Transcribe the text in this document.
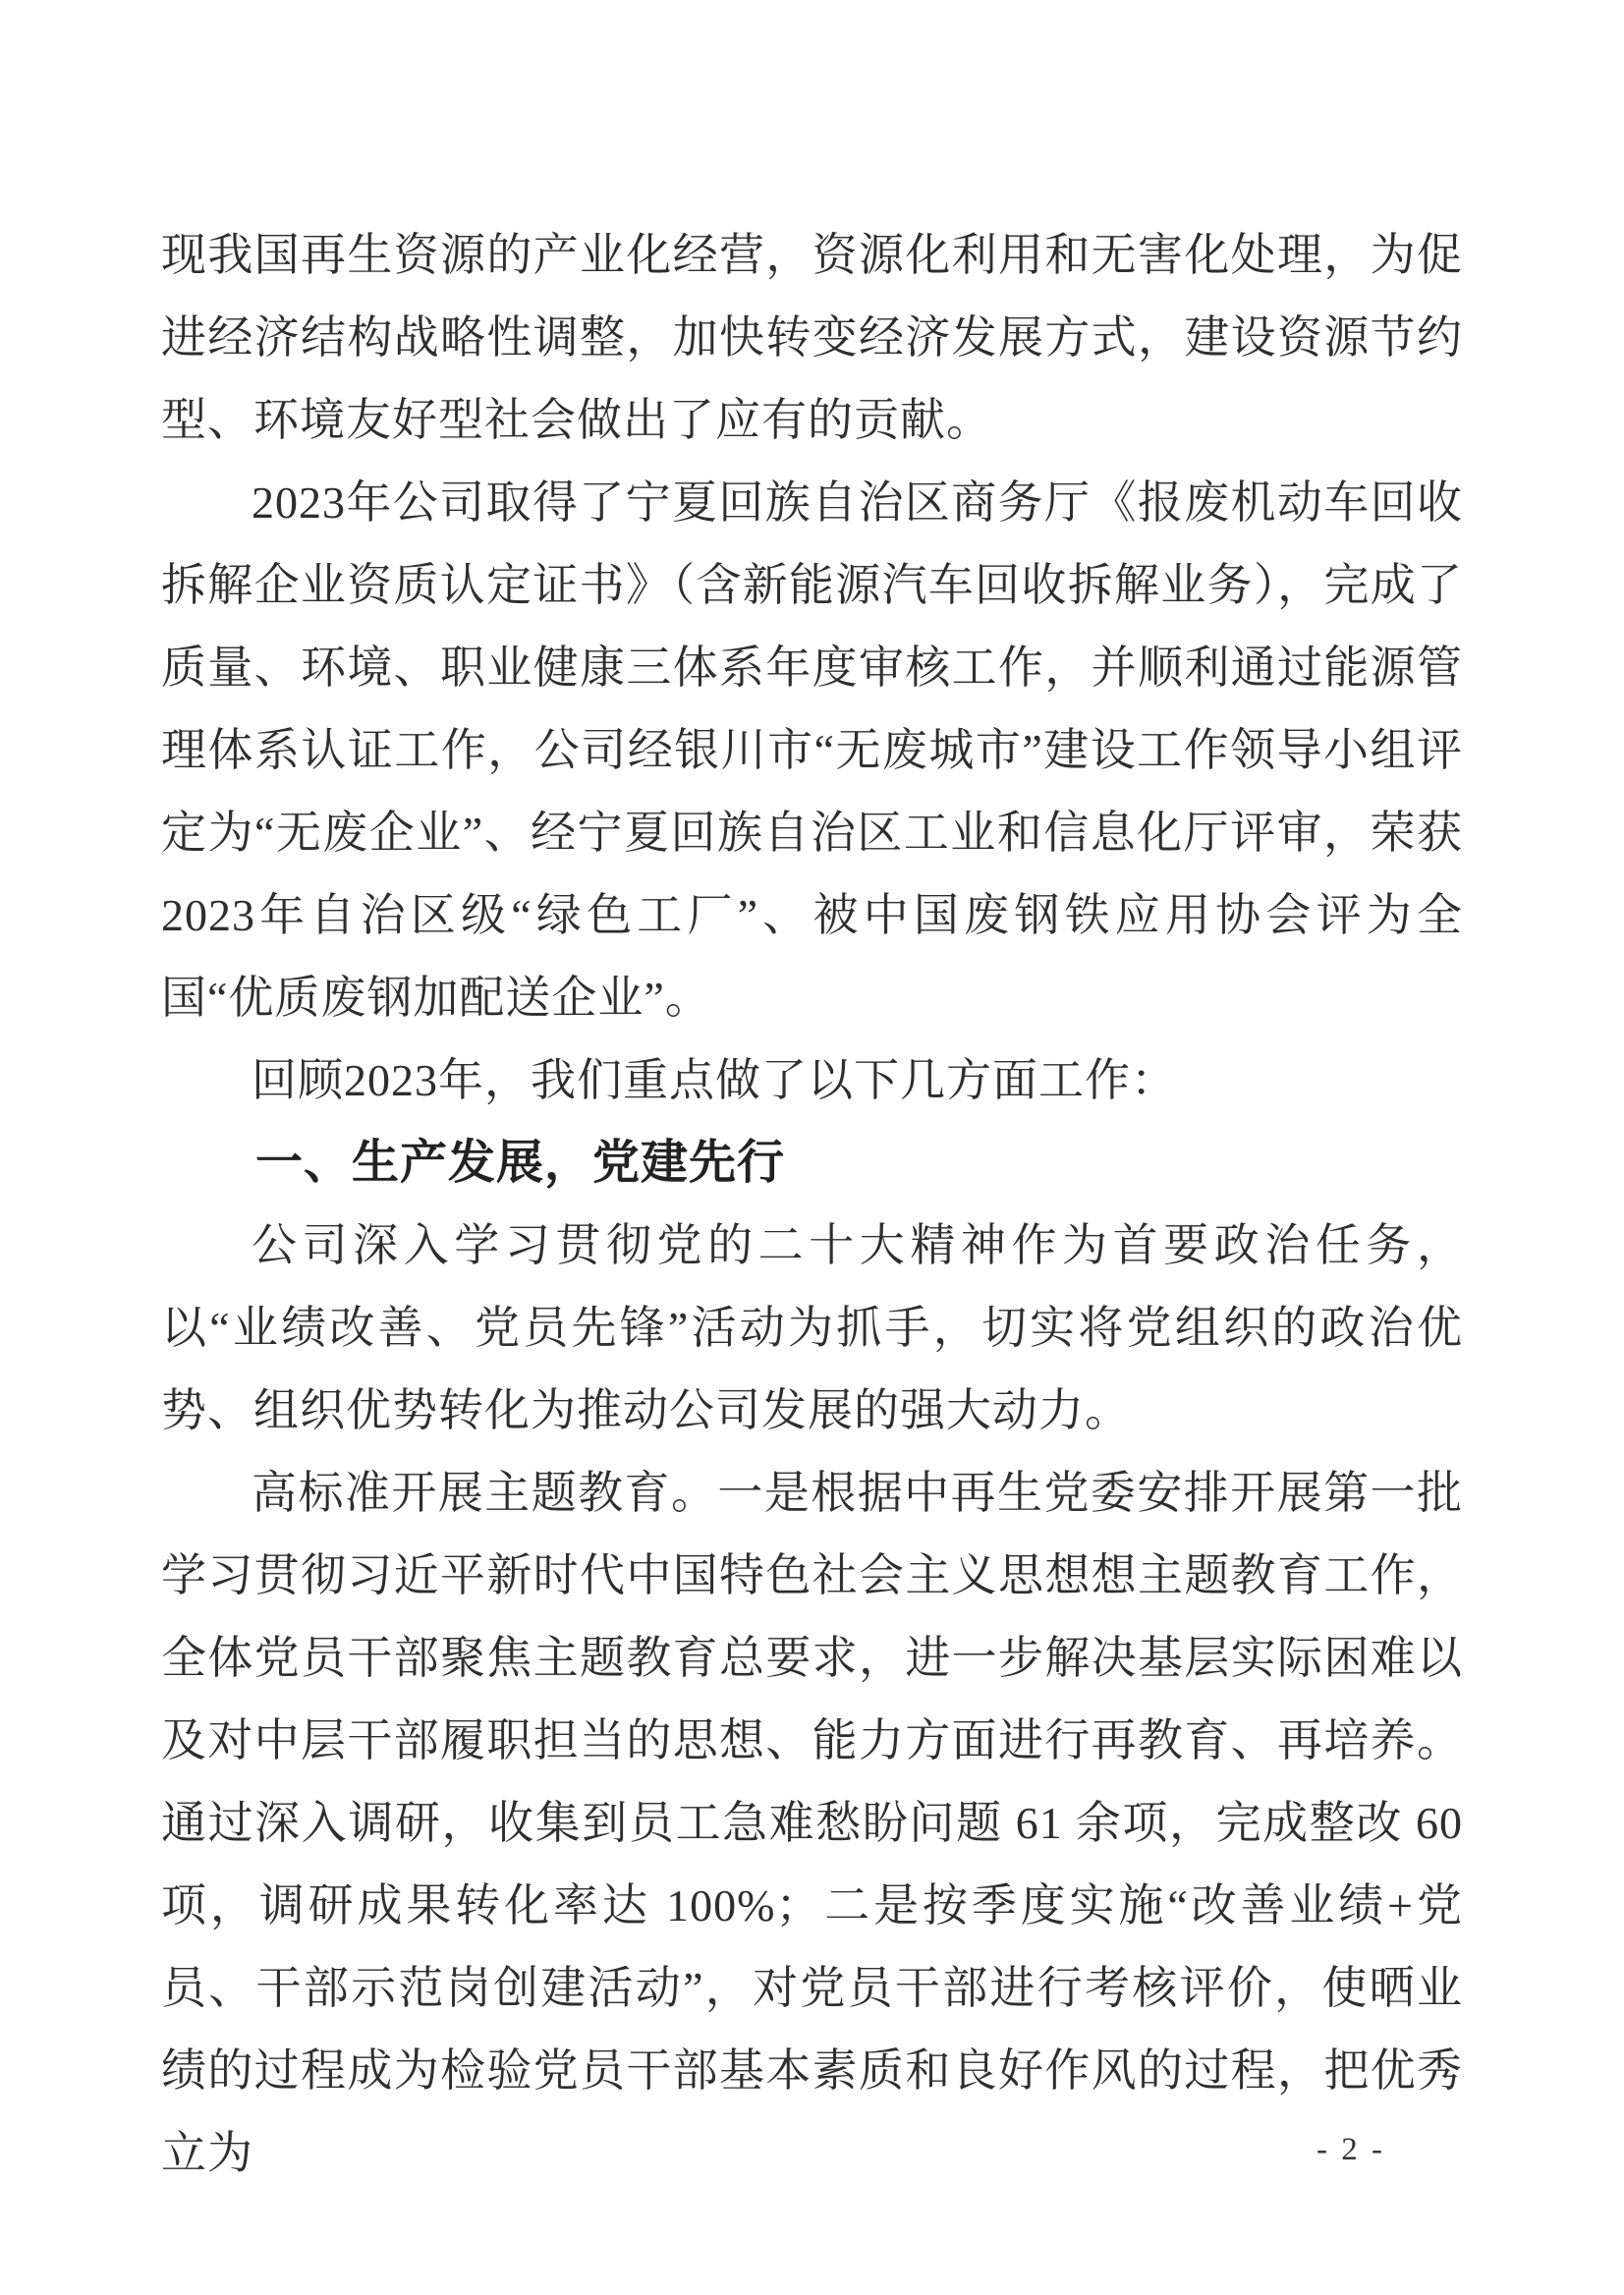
现我国再生资源的产业化经营，资源化利用和无害化处理，为促进经济结构战略性调整，加快转变经济发展方式，建设资源节约型、环境友好型社会做出了应有的贡献。

2023年公司取得了宁夏回族自治区商务厅《报废机动车回收拆解企业资质认定证书》（含新能源汽车回收拆解业务），完成了质量、环境、职业健康三体系年度审核工作，并顺利通过能源管理体系认证工作，公司经银川市“无废城市”建设工作领导小组评定为“无废企业”、经宁夏回族自治区工业和信息化厅评审，荣获2023年自治区级“绿色工厂”、被中国废钢铁应用协会评为全国“优质废钢加配送企业”。

回顾2023年，我们重点做了以下几方面工作：

一、生产发展，党建先行

公司深入学习贯彻党的二十大精神作为首要政治任务，以“业绩改善、党员先锋”活动为抓手，切实将党组织的政治优势、组织优势转化为推动公司发展的强大动力。

高标准开展主题教育。一是根据中再生党委安排开展第一批学习贯彻习近平新时代中国特色社会主义思想想主题教育工作，全体党员干部聚焦主题教育总要求，进一步解决基层实际困难以及对中层干部履职担当的思想、能力方面进行再教育、再培养。通过深入调研，收集到员工急难愁盼问题 61 余项，完成整改 60 项，调研成果转化率达 100%；二是按季度实施“改善业绩+党员、干部示范岗创建活动”，对党员干部进行考核评价，使晒业绩的过程成为检验党员干部基本素质和良好作风的过程，把优秀立为	- 2 -
